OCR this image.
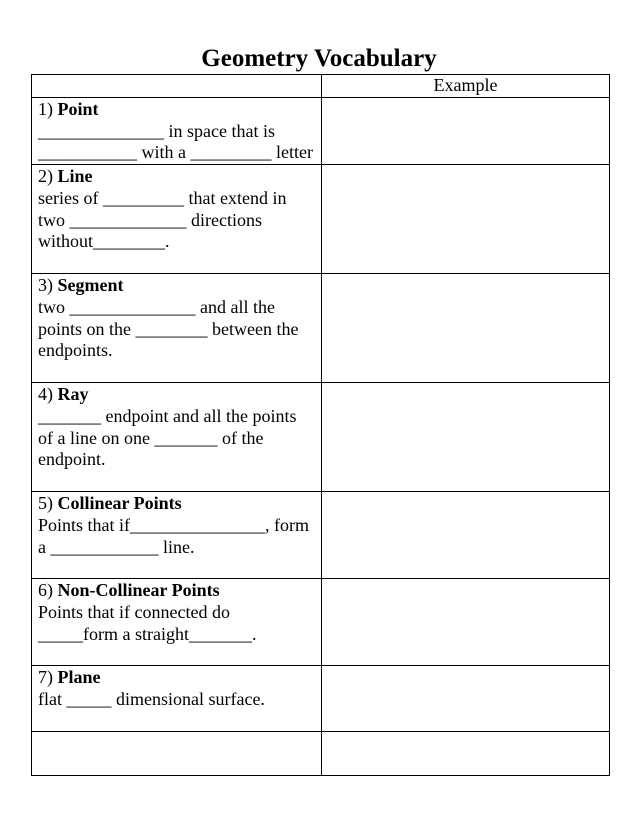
Geometry Vocabulary
	Example

1) Point
______________ in space that is
___________ with a _________ letter	

2) Line
series of _________ that extend in
two _____________ directions
without________.	

3) Segment
two ______________ and all the
points on the ________ between the
endpoints.	

4) Ray
_______ endpoint and all the points
of a line on one _______ of the
endpoint.	

5) Collinear Points
Points that if_______________, form
a ____________ line.	

6) Non-Collinear Points
Points that if connected do
_____form a straight_______.	

7) Plane
flat _____ dimensional surface.	
